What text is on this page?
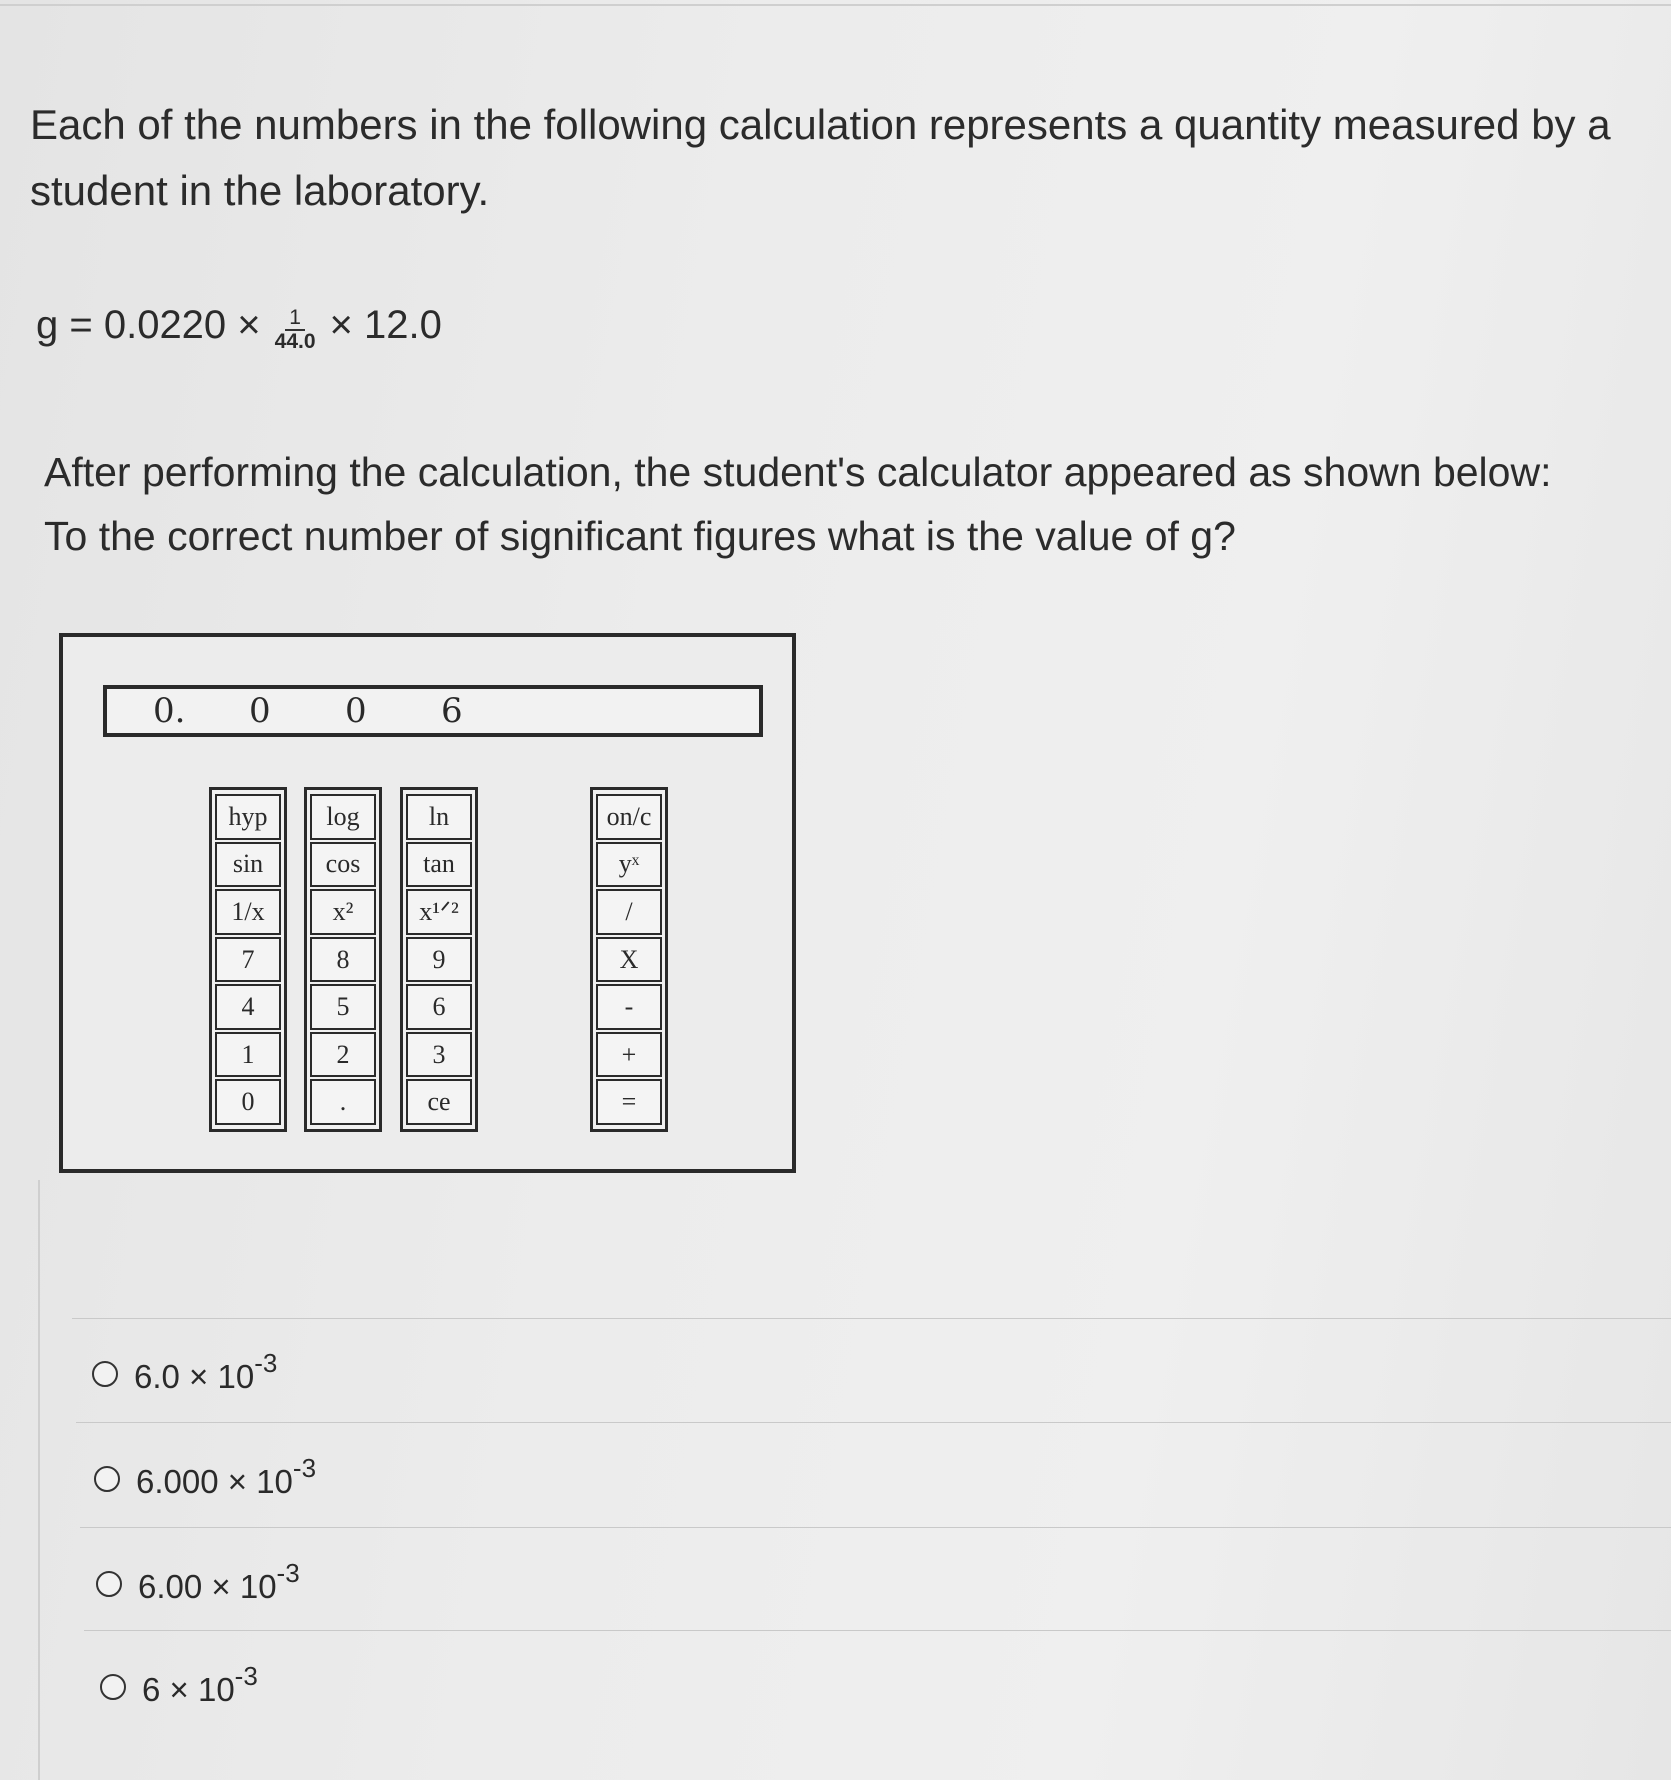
Each of the numbers in the following calculation represents a quantity measured by a student in the laboratory.

$g = 0.0220 \times \frac{1}{44.0} \times 12.0$
After performing the calculation, the student's calculator appeared as shown below:
To the correct number of significant figures what is the value of g?
0.	0	0	6
hyp
sin
1/x
7
4
1
0
log
cos
x²
8
5
2
.
ln
tan
x¹ᐟ²
9
6
3
ce
on/c
yˣ
/
X
-
+
=
$6.0 \times 10^{-3}$
$6.000 \times 10^{-3}$
$6.00 \times 10^{-3}$
$6 \times 10^{-3}$
